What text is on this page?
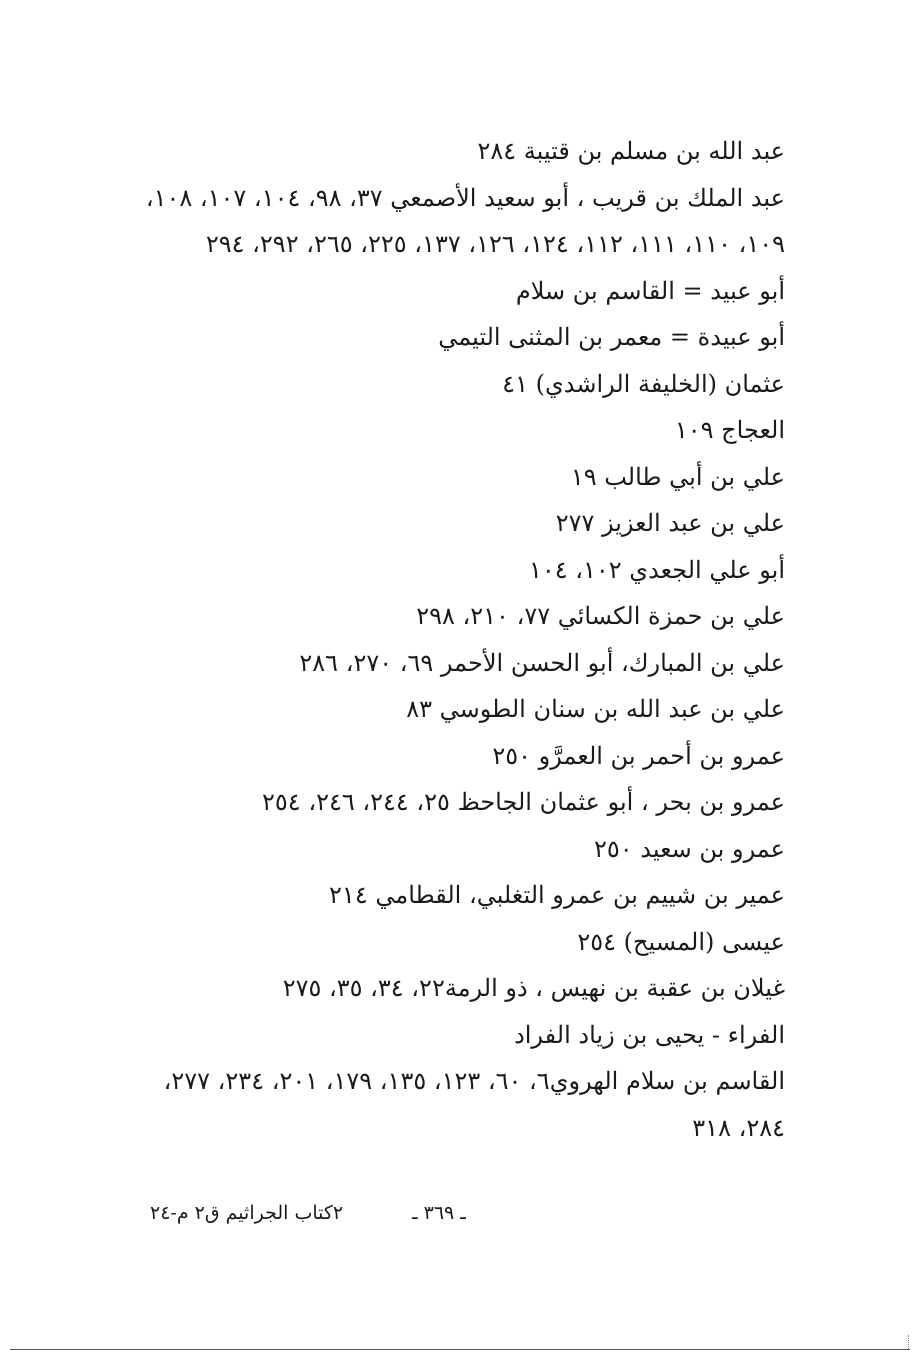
عبد الله بن مسلم بن قتيبة ٢٨٤
عبد الملك بن قريب ، أبو سعيد الأصمعي ٣٧، ٩٨، ١٠٤، ١٠٧، ١٠٨، ١٠٩، ١١٠، ١١١، ١١٢، ١٢٤، ١٢٦، ١٣٧، ٢٢٥، ٢٦٥، ٢٩٢، ٢٩٤
أبو عبيد = القاسم بن سلام
أبو عبيدة = معمر بن المثنى التيمي
عثمان (الخليفة الراشدي) ٤١
العجاج ١٠٩
علي بن أبي طالب ١٩
علي بن عبد العزيز ٢٧٧
أبو علي الجعدي ١٠٢، ١٠٤
علي بن حمزة الكسائي ٧٧، ٢١٠، ٢٩٨
علي بن المبارك، أبو الحسن الأحمر ٦٩، ٢٧٠، ٢٨٦
علي بن عبد الله بن سنان الطوسي ٨٣
عمرو بن أحمر بن العمرَّو ٢٥٠
عمرو بن بحر ، أبو عثمان الجاحظ ٢٥، ٢٤٤، ٢٤٦، ٢٥٤
عمرو بن سعيد ٢٥٠
عمير بن شييم بن عمرو التغلبي، القطامي ٢١٤
عيسى (المسيح) ٢٥٤
غيلان بن عقبة بن نهيس ، ذو الرمة٢٢، ٣٤، ٣٥، ٢٧٥
الفراء - يحيى بن زياد الفراد
القاسم بن سلام الهروي٦، ٦٠، ١٢٣، ١٣٥، ١٧٩، ٢٠١، ٢٣٤، ٢٧٧، ٢٨٤، ٣١٨
٢كتاب الجراثيم ق٢ م-٢٤	ـ ٣٦٩ ـ
